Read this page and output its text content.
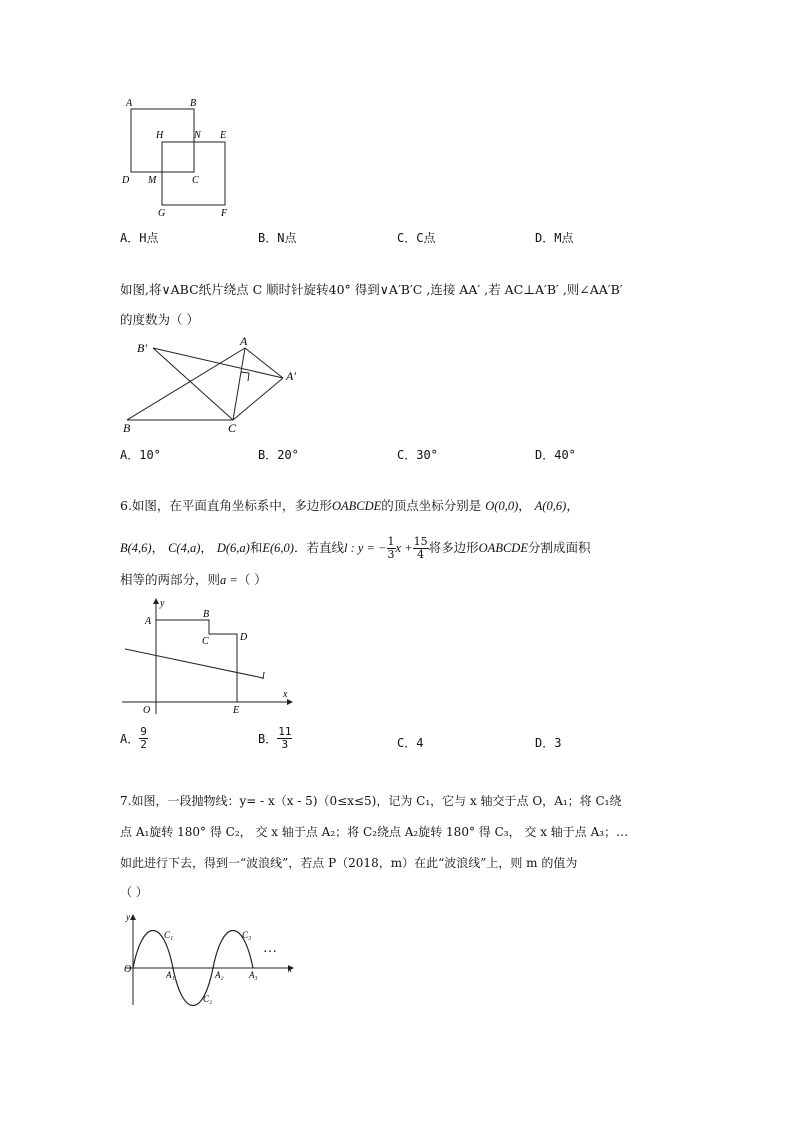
A	B
H	N E
D M	C
G	F
A．H点	B．N点	C．C点	D．M点
如图,将∨ABC纸片绕点 C 顺时针旋转40° 得到∨A′B′C ,连接 AA′ ,若 AC⊥A′B′ ,则∠AA′B′
的度数为（ ）
B′	A
A′
B	C
A．10°	B．20°	C．30°	D．40°
6.如图，在平面直角坐标系中，多边形OABCDE的顶点坐标分别是 O(0,0)， A(0,6)，
B(4,6)， C(4,a)， D(6,a)和E(6,0)．若直线l : y = − $\frac{1}{3}$ $x + \frac{15}{4}$ 将多边形OABCDE分割成面积
相等的两部分，则a =（ ）
y
B
A
C	D
l
x
O	E
A． $\frac{9}{2}$	B． $\frac{11}{3}$	C．4	D．3
7.如图，一段抛物线：y= - x（x - 5)（0≤x≤5)，记为 C₁，它与 x 轴交于点 O，A₁；将 C₁绕
点 A₁旋转 180° 得 C₂， 交 x 轴于点 A₂；将 C₂绕点 A₂旋转 180° 得 C₃， 交 x 轴于点 A₃；…
如此进行下去，得到一“波浪线”，若点 P（2018，m）在此“波浪线”上，则 m 的值为
（ ）
y
O
C₁
A₁	A₂
C₂
C₃
A₃
x
…
